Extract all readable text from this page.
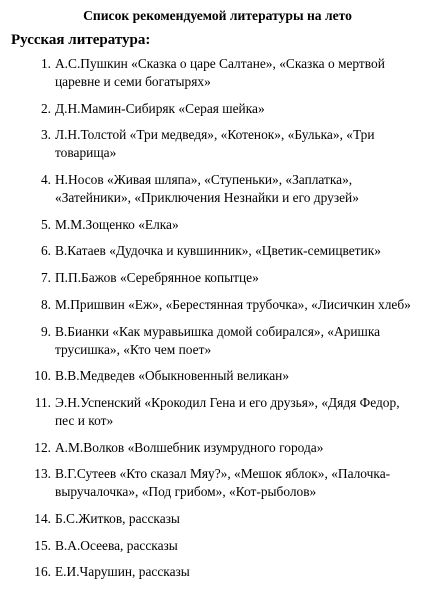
Список рекомендуемой литературы на лето
Русская литература:
1. А.С.Пушкин «Сказка о царе Салтане», «Сказка о мертвой царевне и семи богатырях»
2. Д.Н.Мамин-Сибиряк «Серая шейка»
3. Л.Н.Толстой «Три медведя», «Котенок», «Булька», «Три товарища»
4. Н.Носов «Живая шляпа», «Ступеньки», «Заплатка», «Затейники», «Приключения Незнайки и его друзей»
5. М.М.Зощенко «Елка»
6. В.Катаев «Дудочка и кувшинник», «Цветик-семицветик»
7. П.П.Бажов «Серебрянное копытце»
8. М.Пришвин «Еж», «Берестянная трубочка», «Лисичкин хлеб»
9. В.Бианки «Как муравьишка домой собирался», «Аришка трусишка», «Кто чем поет»
10. В.В.Медведев «Обыкновенный великан»
11. Э.Н.Успенский «Крокодил Гена и его друзья», «Дядя Федор, пес и кот»
12. А.М.Волков «Волшебник изумрудного города»
13. В.Г.Сутеев «Кто сказал Мяу?», «Мешок яблок», «Палочка-выручалочка», «Под грибом», «Кот-рыболов»
14. Б.С.Житков, рассказы
15. В.А.Осеева, рассказы
16. Е.И.Чарушин, рассказы
